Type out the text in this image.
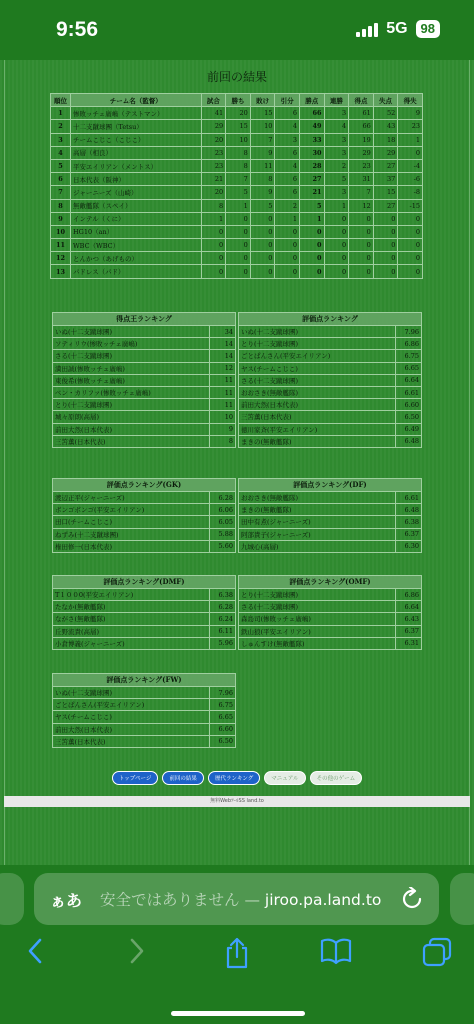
9:56	5G	98
前回の結果
順位	チーム名（監督）	試合	勝ち	敗け	引分	勝点	連勝	得点	失点	得失
1	惨敗ッチェ廣嶋（テストマン）	41	20	15	6	66	3	61	52	9
2	十二支蹴球團（Tetsu）	29	15	10	4	49	4	66	43	23
3	チームこじこ（こじこ）	20	10	7	3	33	3	19	18	1
4	高層（相良）	23	8	9	6	30	3	29	29	0
5	平安エイリアン（メントス）	23	8	11	4	28	2	23	27	-4
6	日本代表（阪神）	21	7	8	6	27	5	31	37	-6
7	ジャーニーズ（山崎）	20	5	9	6	21	3	7	15	-8
8	無敵艦隊（スペイ）	8	1	5	2	5	1	12	27	-15
9	インテル（くに）	1	0	0	1	1	0	0	0	0
10	HG10（an）	0	0	0	0	0	0	0	0	0
11	WBC（WBC）	0	0	0	0	0	0	0	0	0
12	とんかつ（あげもの）	0	0	0	0	0	0	0	0	0
13	パドレス（パド）	0	0	0	0	0	0	0	0	0
得点王ランキング	
いぬ(十二支蹴球團)	34
ソティリウ(惨敗ッチェ廣嶋)	14
さる(十二支蹴球團)	14
満田誠(惨敗ッチェ廣嶋)	12
東俊希(惨敗ッチェ廣嶋)	11
ベン・カリファ(惨敗ッチェ廣嶋)	11
とり(十二支蹴球團)	11
城々原朗(高層)	10
前田大然(日本代表)	9
三笘薫(日本代表)	8
評価点ランキング	
いぬ(十二支蹴球團)	7.96
とり(十二支蹴球團)	6.86
ごとぱんさん(平安エイリアン)	6.75
ヤス(チームこじこ)	6.65
さる(十二支蹴球團)	6.64
おおさき(無敵艦隊)	6.61
前田大然(日本代表)	6.60
三笘薫(日本代表)	6.50
徳川家斉(平安エイリアン)	6.49
まきの(無敵艦隊)	6.48
評価点ランキング(GK)	
渡辺正平(ジャーニーズ)	6.28
ボンゴボンゴ(平安エイリアン)	6.06
田口(チームこじこ)	6.05
ねずみ(十二支蹴球團)	5.88
権田修一(日本代表)	5.60
評価点ランキング(DF)	
おおさき(無敵艦隊)	6.61
まきの(無敵艦隊)	6.48
田中有煮(ジャーニーズ)	6.38
阿部貴子(ジャーニーズ)	6.37
九城心(高層)	6.30
評価点ランキング(DMF)	
T１００0(平安エイリアン)	6.38
たなか(無敵艦隊)	6.28
ながさ(無敵艦隊)	6.24
丘野流貴(高層)	6.11
小倉博義(ジャーニーズ)	5.96
評価点ランキング(OMF)	
とり(十二支蹴球團)	6.86
さる(十二支蹴球團)	6.64
森島司(惨敗ッチェ廣嶋)	6.43
鉄山狼(平安エイリアン)	6.37
しゅんすけ(無敵艦隊)	6.31
評価点ランキング(FW)	
いぬ(十二支蹴球團)	7.96
ごとぱんさん(平安エイリアン)	6.75
ヤス(チームこじこ)	6.65
前田大然(日本代表)	6.60
三笘薫(日本代表)	6.50
トップページ	前回の結果	歴代ランキング	マニュアル	その他のゲーム
無料WebﾂｰﾙSS land.to
ぁあ 安全ではありません — jiroo.pa.land.to
